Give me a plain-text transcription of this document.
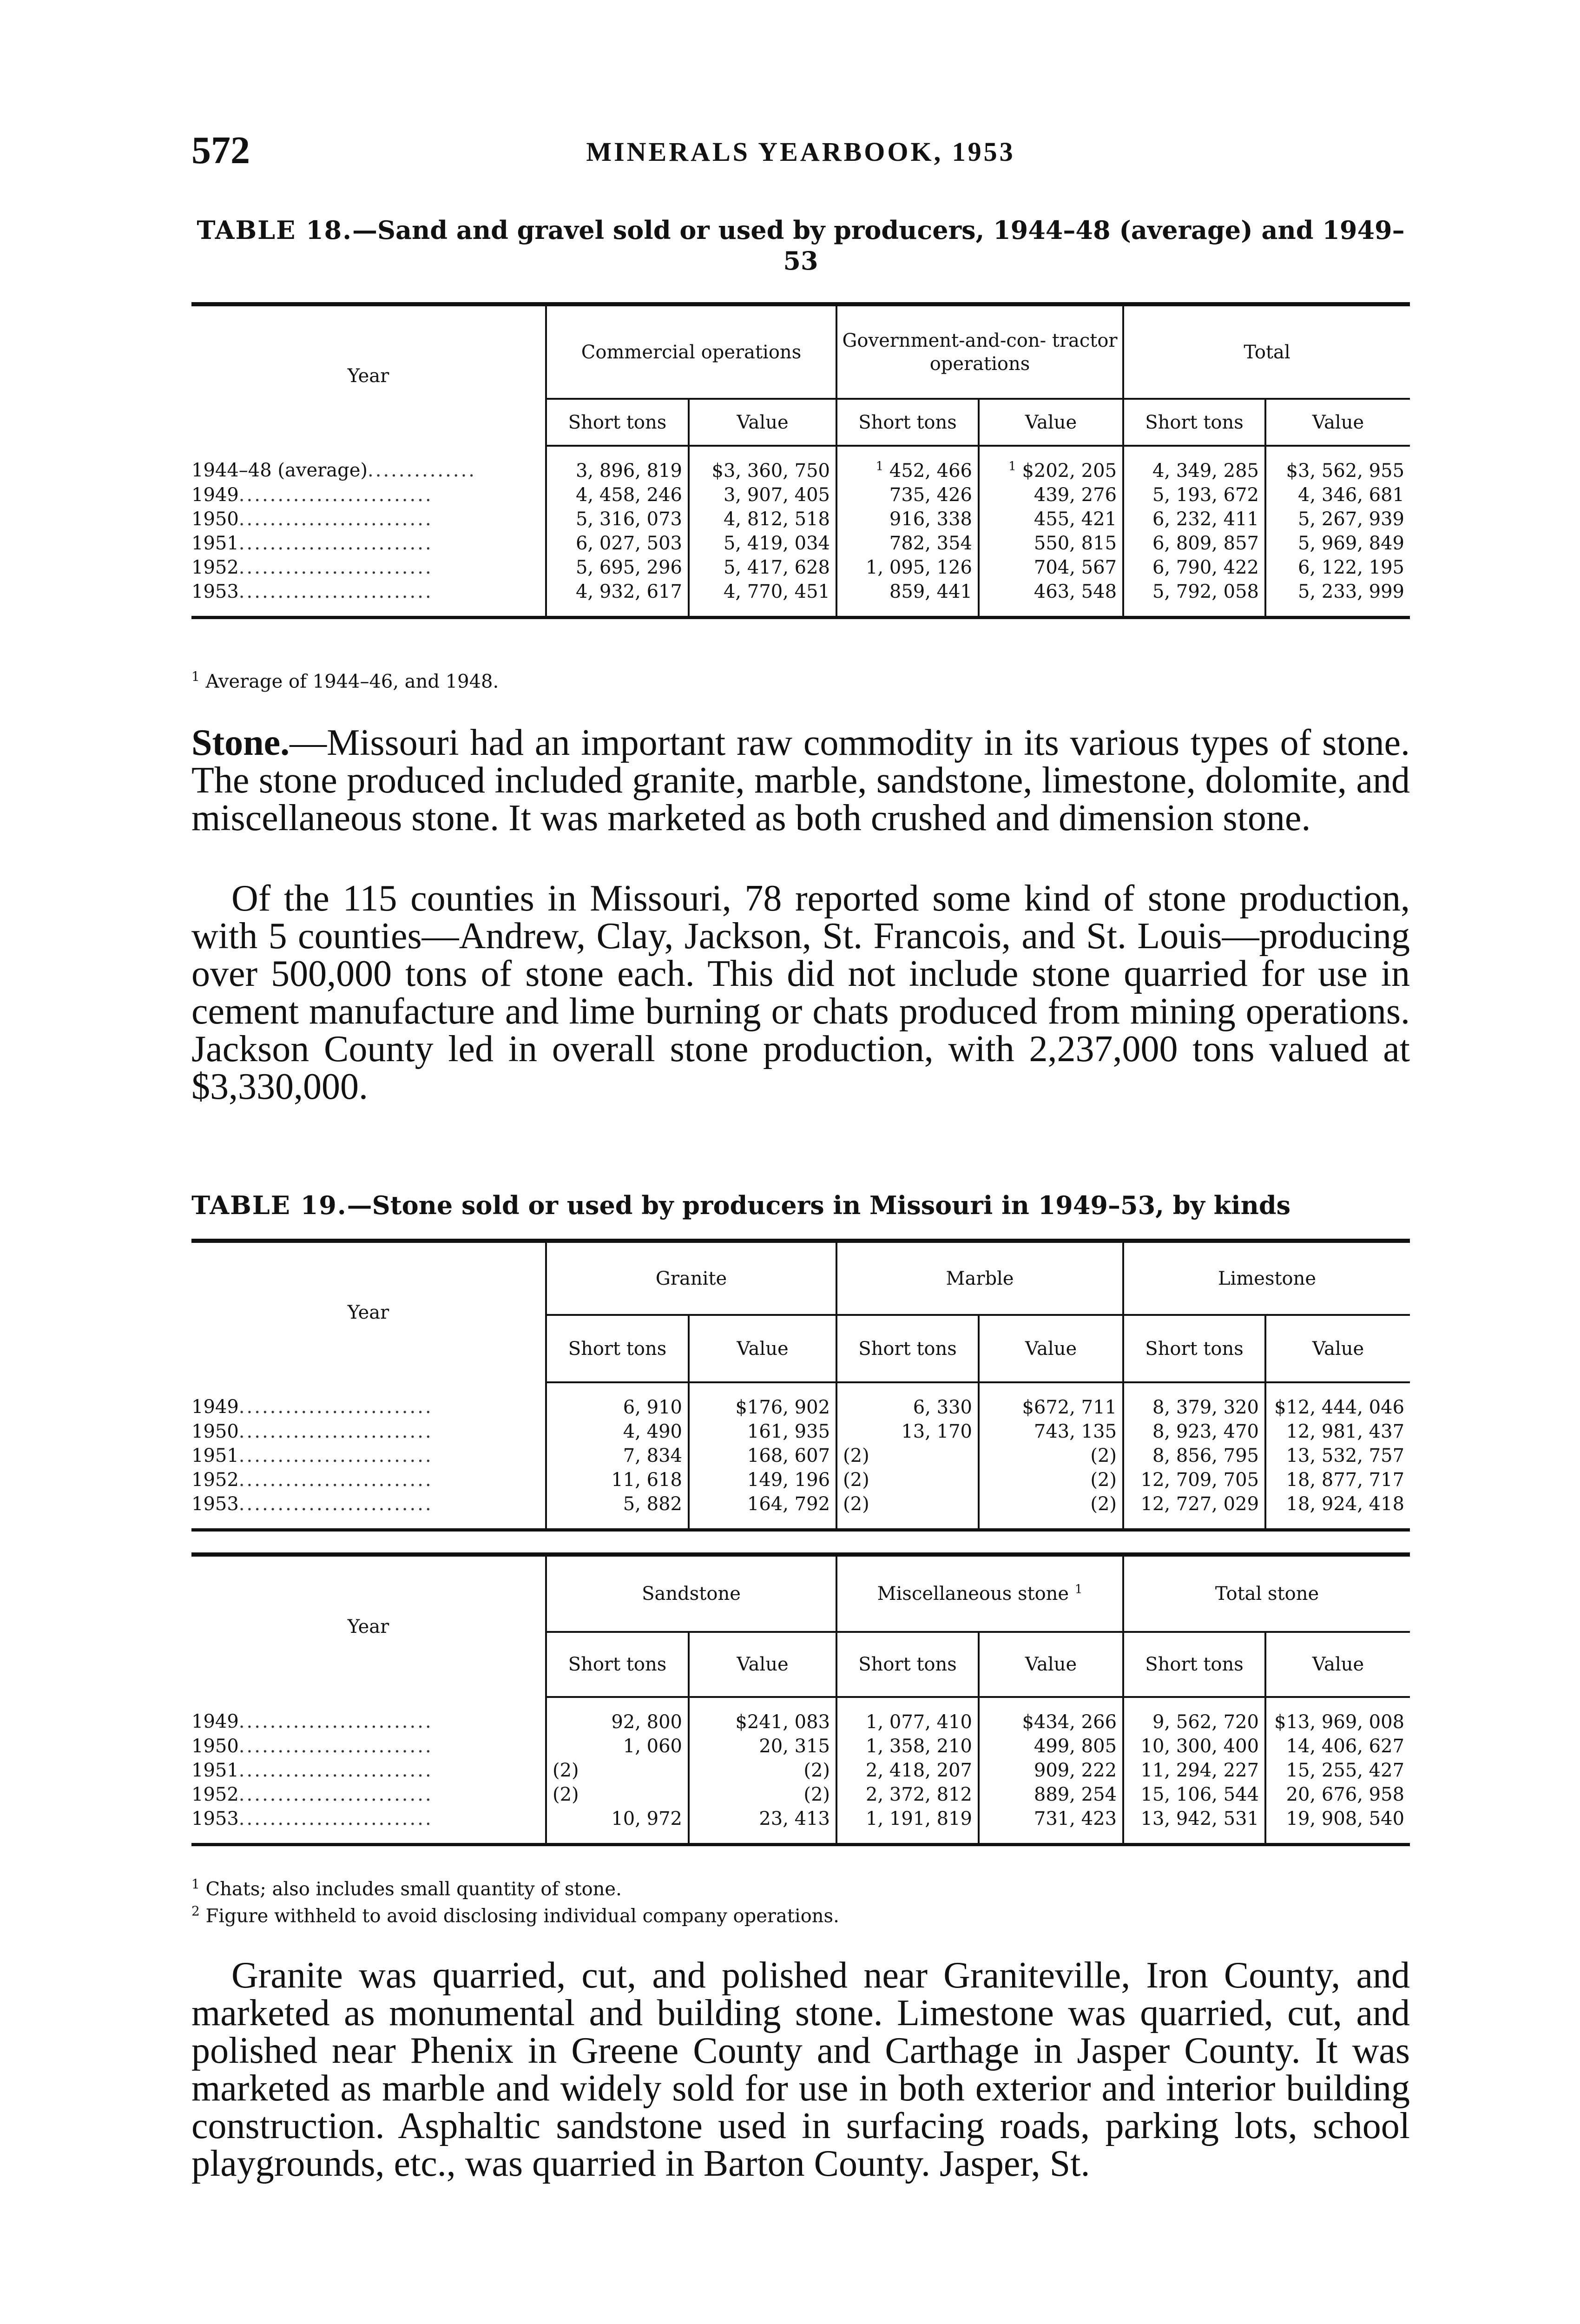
572	MINERALS YEARBOOK, 1953
TABLE 18.—Sand and gravel sold or used by producers, 1944–48 (average) and 1949–53
Year	Commercial operations		Government-and-con- tractor operations		Total	
	Short tons	Value	Short tons	Value	Short tons	Value
1944–48 (average)..............	3, 896, 819	$3, 360, 750	$^1$ 452, 466	$^1$ $202, 205	4, 349, 285	$3, 562, 955
1949.........................	4, 458, 246	3, 907, 405	735, 426	439, 276	5, 193, 672	4, 346, 681
1950.........................	5, 316, 073	4, 812, 518	916, 338	455, 421	6, 232, 411	5, 267, 939
1951.........................	6, 027, 503	5, 419, 034	782, 354	550, 815	6, 809, 857	5, 969, 849
1952.........................	5, 695, 296	5, 417, 628	1, 095, 126	704, 567	6, 790, 422	6, 122, 195
1953.........................	4, 932, 617	4, 770, 451	859, 441	463, 548	5, 792, 058	5, 233, 999
$^1$ Average of 1944–46, and 1948.

Stone.—Missouri had an important raw commodity in its various types of stone. The stone produced included granite, marble, sandstone, limestone, dolomite, and miscellaneous stone. It was marketed as both crushed and dimension stone.

Of the 115 counties in Missouri, 78 reported some kind of stone production, with 5 counties—Andrew, Clay, Jackson, St. Francois, and St. Louis—producing over 500,000 tons of stone each. This did not include stone quarried for use in cement manufacture and lime burning or chats produced from mining operations. Jackson County led in overall stone production, with 2,237,000 tons valued at $3,330,000.

TABLE 19.—Stone sold or used by producers in Missouri in 1949–53, by kinds
Year	Granite		Marble		Limestone	
	Short tons	Value	Short tons	Value	Short tons	Value
1949.........................	6, 910	$176, 902	6, 330	$672, 711	8, 379, 320	$12, 444, 046
1950.........................	4, 490	161, 935	13, 170	743, 135	8, 923, 470	12, 981, 437
1951.........................	7, 834	168, 607	(2)	(2)	8, 856, 795	13, 532, 757
1952.........................	11, 618	149, 196	(2)	(2)	12, 709, 705	18, 877, 717
1953.........................	5, 882	164, 792	(2)	(2)	12, 727, 029	18, 924, 418
Year	Sandstone		Miscellaneous stone $^1$		Total stone	
	Short tons	Value	Short tons	Value	Short tons	Value
1949.........................	92, 800	$241, 083	1, 077, 410	$434, 266	9, 562, 720	$13, 969, 008
1950.........................	1, 060	20, 315	1, 358, 210	499, 805	10, 300, 400	14, 406, 627
1951.........................	(2)	(2)	2, 418, 207	909, 222	11, 294, 227	15, 255, 427
1952.........................	(2)	(2)	2, 372, 812	889, 254	15, 106, 544	20, 676, 958
1953.........................	10, 972	23, 413	1, 191, 819	731, 423	13, 942, 531	19, 908, 540
$^1$ Chats; also includes small quantity of stone.
$^2$ Figure withheld to avoid disclosing individual company operations.

Granite was quarried, cut, and polished near Graniteville, Iron County, and marketed as monumental and building stone. Limestone was quarried, cut, and polished near Phenix in Greene County and Carthage in Jasper County. It was marketed as marble and widely sold for use in both exterior and interior building construction. Asphaltic sandstone used in surfacing roads, parking lots, school playgrounds, etc., was quarried in Barton County. Jasper, St.
